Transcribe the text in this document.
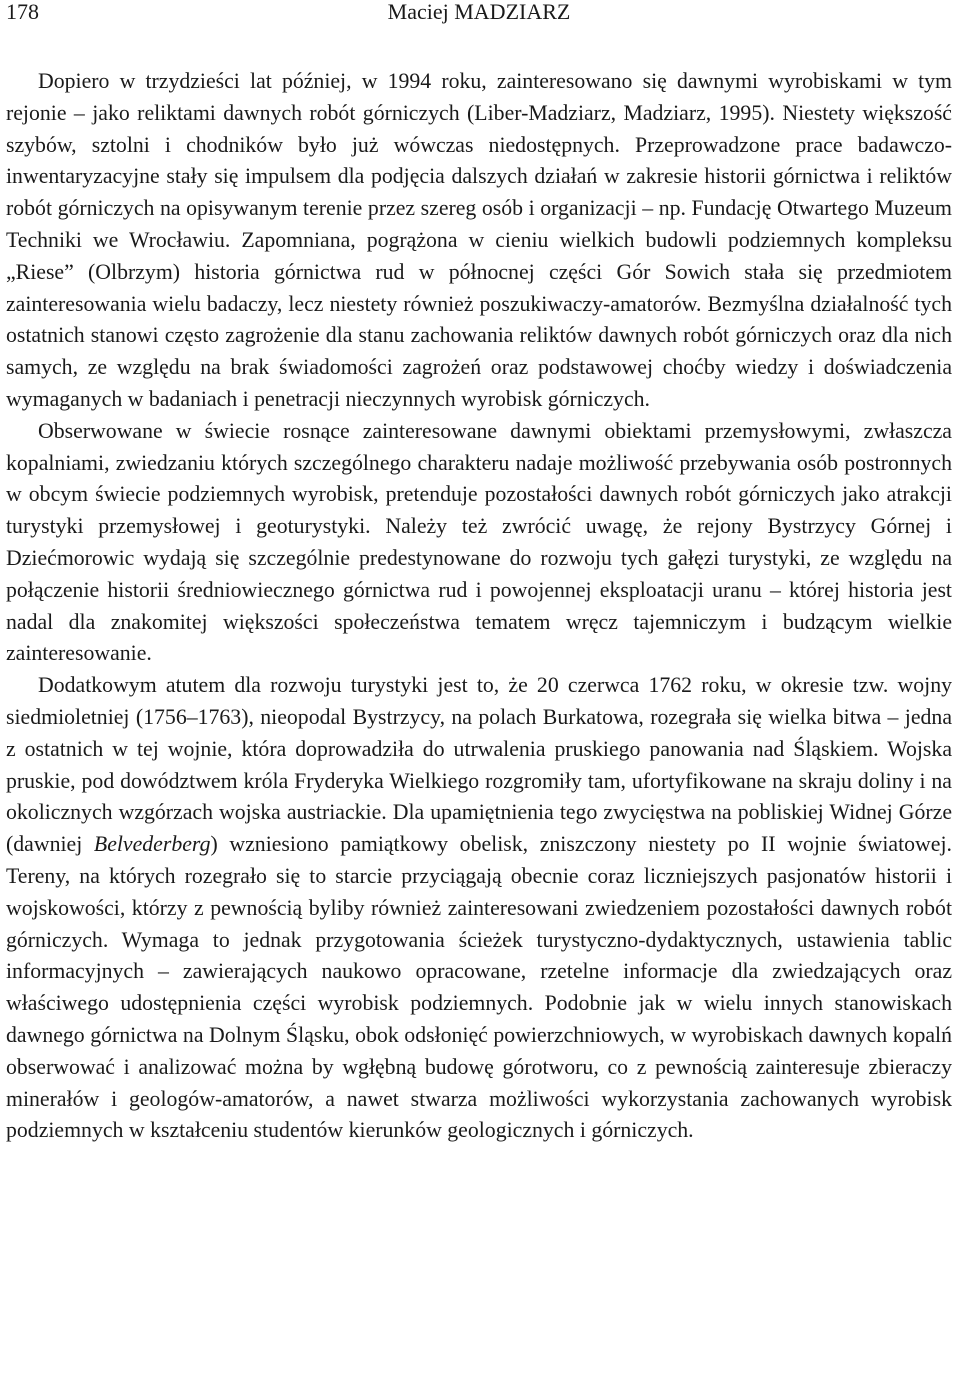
178	Maciej MADZIARZ

Dopiero w trzydzieści lat później, w 1994 roku, zainteresowano się dawnymi wyrobiskami w tym rejonie – jako reliktami dawnych robót górniczych (Liber-Madziarz, Madziarz, 1995). Niestety większość szybów, sztolni i chodników było już wówczas niedostępnych. Przeprowadzone prace badawczo-inwentaryzacyjne stały się impulsem dla podjęcia dalszych działań w zakresie historii górnictwa i reliktów robót górniczych na opisywanym terenie przez szereg osób i organizacji – np. Fundację Otwartego Muzeum Techniki we Wrocławiu. Zapomniana, pogrążona w cieniu wielkich budowli podziemnych kompleksu „Riese” (Olbrzym) historia górnictwa rud w północnej części Gór Sowich stała się przedmiotem zainteresowania wielu badaczy, lecz niestety również poszukiwaczy-amatorów. Bezmyślna działalność tych ostatnich stanowi często zagrożenie dla stanu zachowania reliktów dawnych robót górniczych oraz dla nich samych, ze względu na brak świadomości zagrożeń oraz podstawowej choćby wiedzy i doświadczenia wymaganych w badaniach i penetracji nieczynnych wyrobisk górniczych.

Obserwowane w świecie rosnące zainteresowane dawnymi obiektami przemysłowymi, zwłaszcza kopalniami, zwiedzaniu których szczególnego charakteru nadaje możliwość przebywania osób postronnych w obcym świecie podziemnych wyrobisk, pretenduje pozostałości dawnych robót górniczych jako atrakcji turystyki przemysłowej i geoturystyki. Należy też zwrócić uwagę, że rejony Bystrzycy Górnej i Dziećmorowic wydają się szczególnie predestynowane do rozwoju tych gałęzi turystyki, ze względu na połączenie historii średniowiecznego górnictwa rud i powojennej eksploatacji uranu – której historia jest nadal dla znakomitej większości społeczeństwa tematem wręcz tajemniczym i budzącym wielkie zainteresowanie.

Dodatkowym atutem dla rozwoju turystyki jest to, że 20 czerwca 1762 roku, w okresie tzw. wojny siedmioletniej (1756–1763), nieopodal Bystrzycy, na polach Burkatowa, rozegrała się wielka bitwa – jedna z ostatnich w tej wojnie, która doprowadziła do utrwalenia pruskiego panowania nad Śląskiem. Wojska pruskie, pod dowództwem króla Fryderyka Wielkiego rozgromiły tam, ufortyfikowane na skraju doliny i na okolicznych wzgórzach wojska austriackie. Dla upamiętnienia tego zwycięstwa na pobliskiej Widnej Górze (dawniej Belvederberg) wzniesiono pamiątkowy obelisk, zniszczony niestety po II wojnie światowej. Tereny, na których rozegrało się to starcie przyciągają obecnie coraz liczniejszych pasjonatów historii i wojskowości, którzy z pewnością byliby również zainteresowani zwiedzeniem pozostałości dawnych robót górniczych. Wymaga to jednak przygotowania ścieżek turystyczno-dydaktycznych, ustawienia tablic informacyjnych – zawierających naukowo opracowane, rzetelne informacje dla zwiedzających oraz właściwego udostępnienia części wyrobisk podziemnych. Podobnie jak w wielu innych stanowiskach dawnego górnictwa na Dolnym Śląsku, obok odsłonięć powierzchniowych, w wyrobiskach dawnych kopalń obserwować i analizować można by wgłębną budowę górotworu, co z pewnością zainteresuje zbieraczy minerałów i geologów-amatorów, a nawet stwarza możliwości wykorzystania zachowanych wyrobisk podziemnych w kształceniu studentów kierunków geologicznych i górniczych.
